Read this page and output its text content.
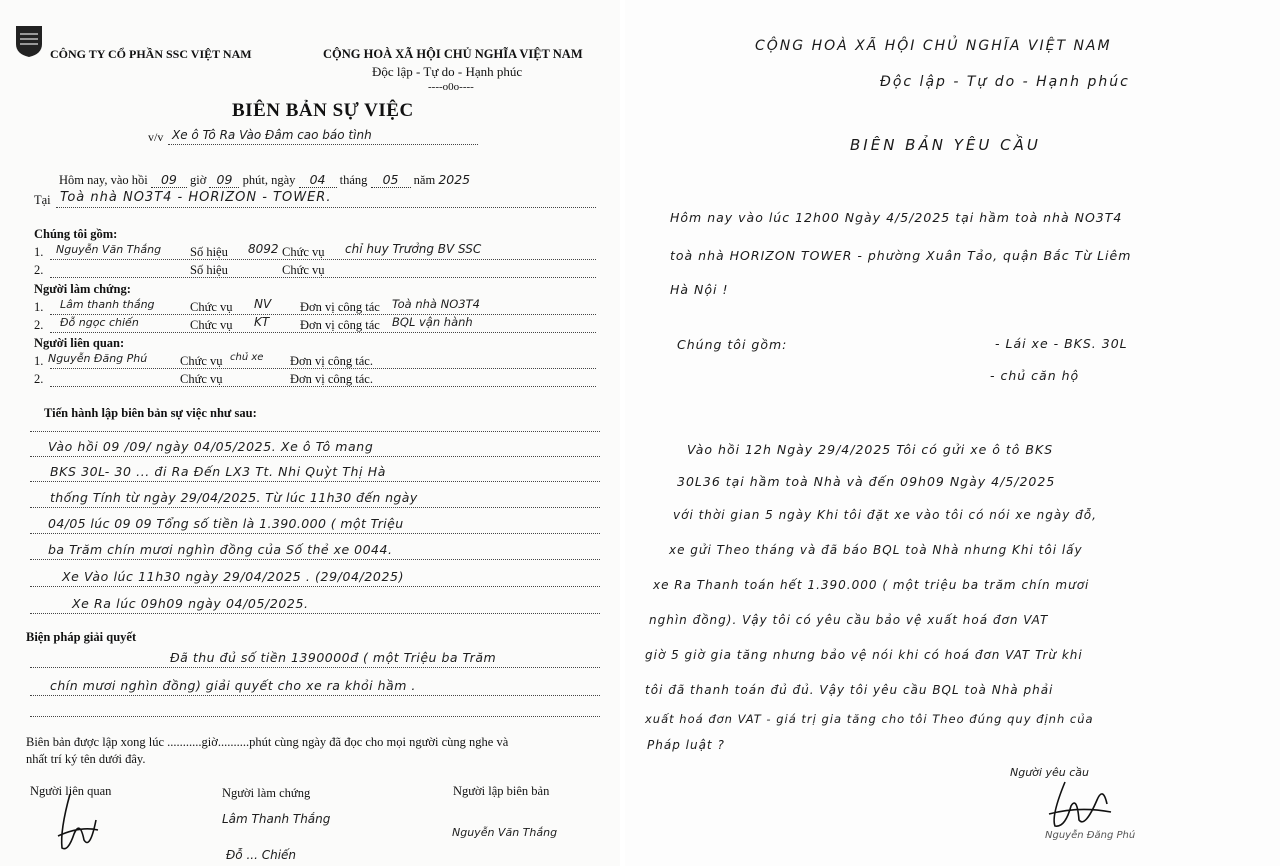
CÔNG TY CỔ PHẦN SSC VIỆT NAM	CỘNG HOÀ XÃ HỘI CHỦ NGHĨA VIỆT NAM
Độc lập - Tự do - Hạnh phúc
----o0o----
BIÊN BẢN SỰ VIỆC
v/v Xe ô Tô Ra Vào Đâm cao báo tình
Hôm nay, vào hồi 09 giờ 09 phút, ngày 04 tháng 05 năm 2025
Tại Toà nhà NO3T4 - HORIZON - TOWER.
Chúng tôi gồm:
1. Nguyễn Văn Thắng Số hiệu 8092 Chức vụ chỉ huy Trưởng BV SSC
2.	Số hiệu	Chức vụ
Người làm chứng:
1. Lâm thanh thắng	Chức vụ NV Đơn vị công tác Toà nhà NO3T4
2. Đỗ ngọc chiến	Chức vụ KT Đơn vị công tác BQL vận hành
Người liên quan:
1. Nguyễn Đăng Phú	Chức vụ chủ xe Đơn vị công tác.
2.	Chức vụ	Đơn vị công tác.
Tiến hành lập biên bản sự việc như sau:
Vào hồi 09 /09/ ngày 04/05/2025. Xe ô Tô mang
BKS 30L- 30 ... đi Ra Đến LX3 Tt. Nhi Quỳt Thị Hà
thống Tính từ ngày 29/04/2025. Từ lúc 11h30 đến ngày
04/05 lúc 09 09 Tổng số tiền là 1.390.000 ( một Triệu
ba Trăm chín mươi nghìn đồng của Số thẻ xe 0044.
Xe Vào lúc 11h30 ngày 29/04/2025 . (29/04/2025)
Xe Ra lúc 09h09 ngày 04/05/2025.
Biện pháp giải quyết
Đã thu đủ số tiền 1390000đ ( một Triệu ba Trăm
chín mươi nghìn đồng) giải quyết cho xe ra khỏi hầm .
Biên bản được lập xong lúc ...........giờ..........phút cùng ngày đã đọc cho mọi người cùng nghe và
nhất trí ký tên dưới đây.
Người liên quan	Người làm chứng	Người lập biên bản
Lâm Thanh Thắng
Đỗ ... Chiến
Nguyễn Văn Thắng
CỘNG HOÀ XÃ HỘI CHỦ NGHĨA VIỆT NAM
Độc lập - Tự do - Hạnh phúc
BIÊN BẢN YÊU CẦU
Hôm nay vào lúc 12h00 Ngày 4/5/2025 tại hầm toà nhà NO3T4
toà nhà HORIZON TOWER - phường Xuân Tảo, quận Bắc Từ Liêm
Hà Nội !
Chúng tôi gồm:	- Lái xe - BKS. 30L
- chủ căn hộ
Vào hồi 12h Ngày 29/4/2025 Tôi có gửi xe ô tô BKS
30L36 tại hầm toà Nhà và đến 09h09 Ngày 4/5/2025
với thời gian 5 ngày Khi tôi đặt xe vào tôi có nói xe ngày đỗ,
xe gửi Theo tháng và đã báo BQL toà Nhà nhưng Khi tôi lấy
xe Ra Thanh toán hết 1.390.000 ( một triệu ba trăm chín mươi
nghìn đồng). Vậy tôi có yêu cầu bảo vệ xuất hoá đơn VAT
giờ 5 giờ gia tăng nhưng bảo vệ nói khi có hoá đơn VAT Trừ khi
tôi đã thanh toán đủ đủ. Vậy tôi yêu cầu BQL toà Nhà phải
xuất hoá đơn VAT - giá trị gia tăng cho tôi Theo đúng quy định của
Pháp luật ?
Người yêu cầu
Nguyễn Đăng Phú
